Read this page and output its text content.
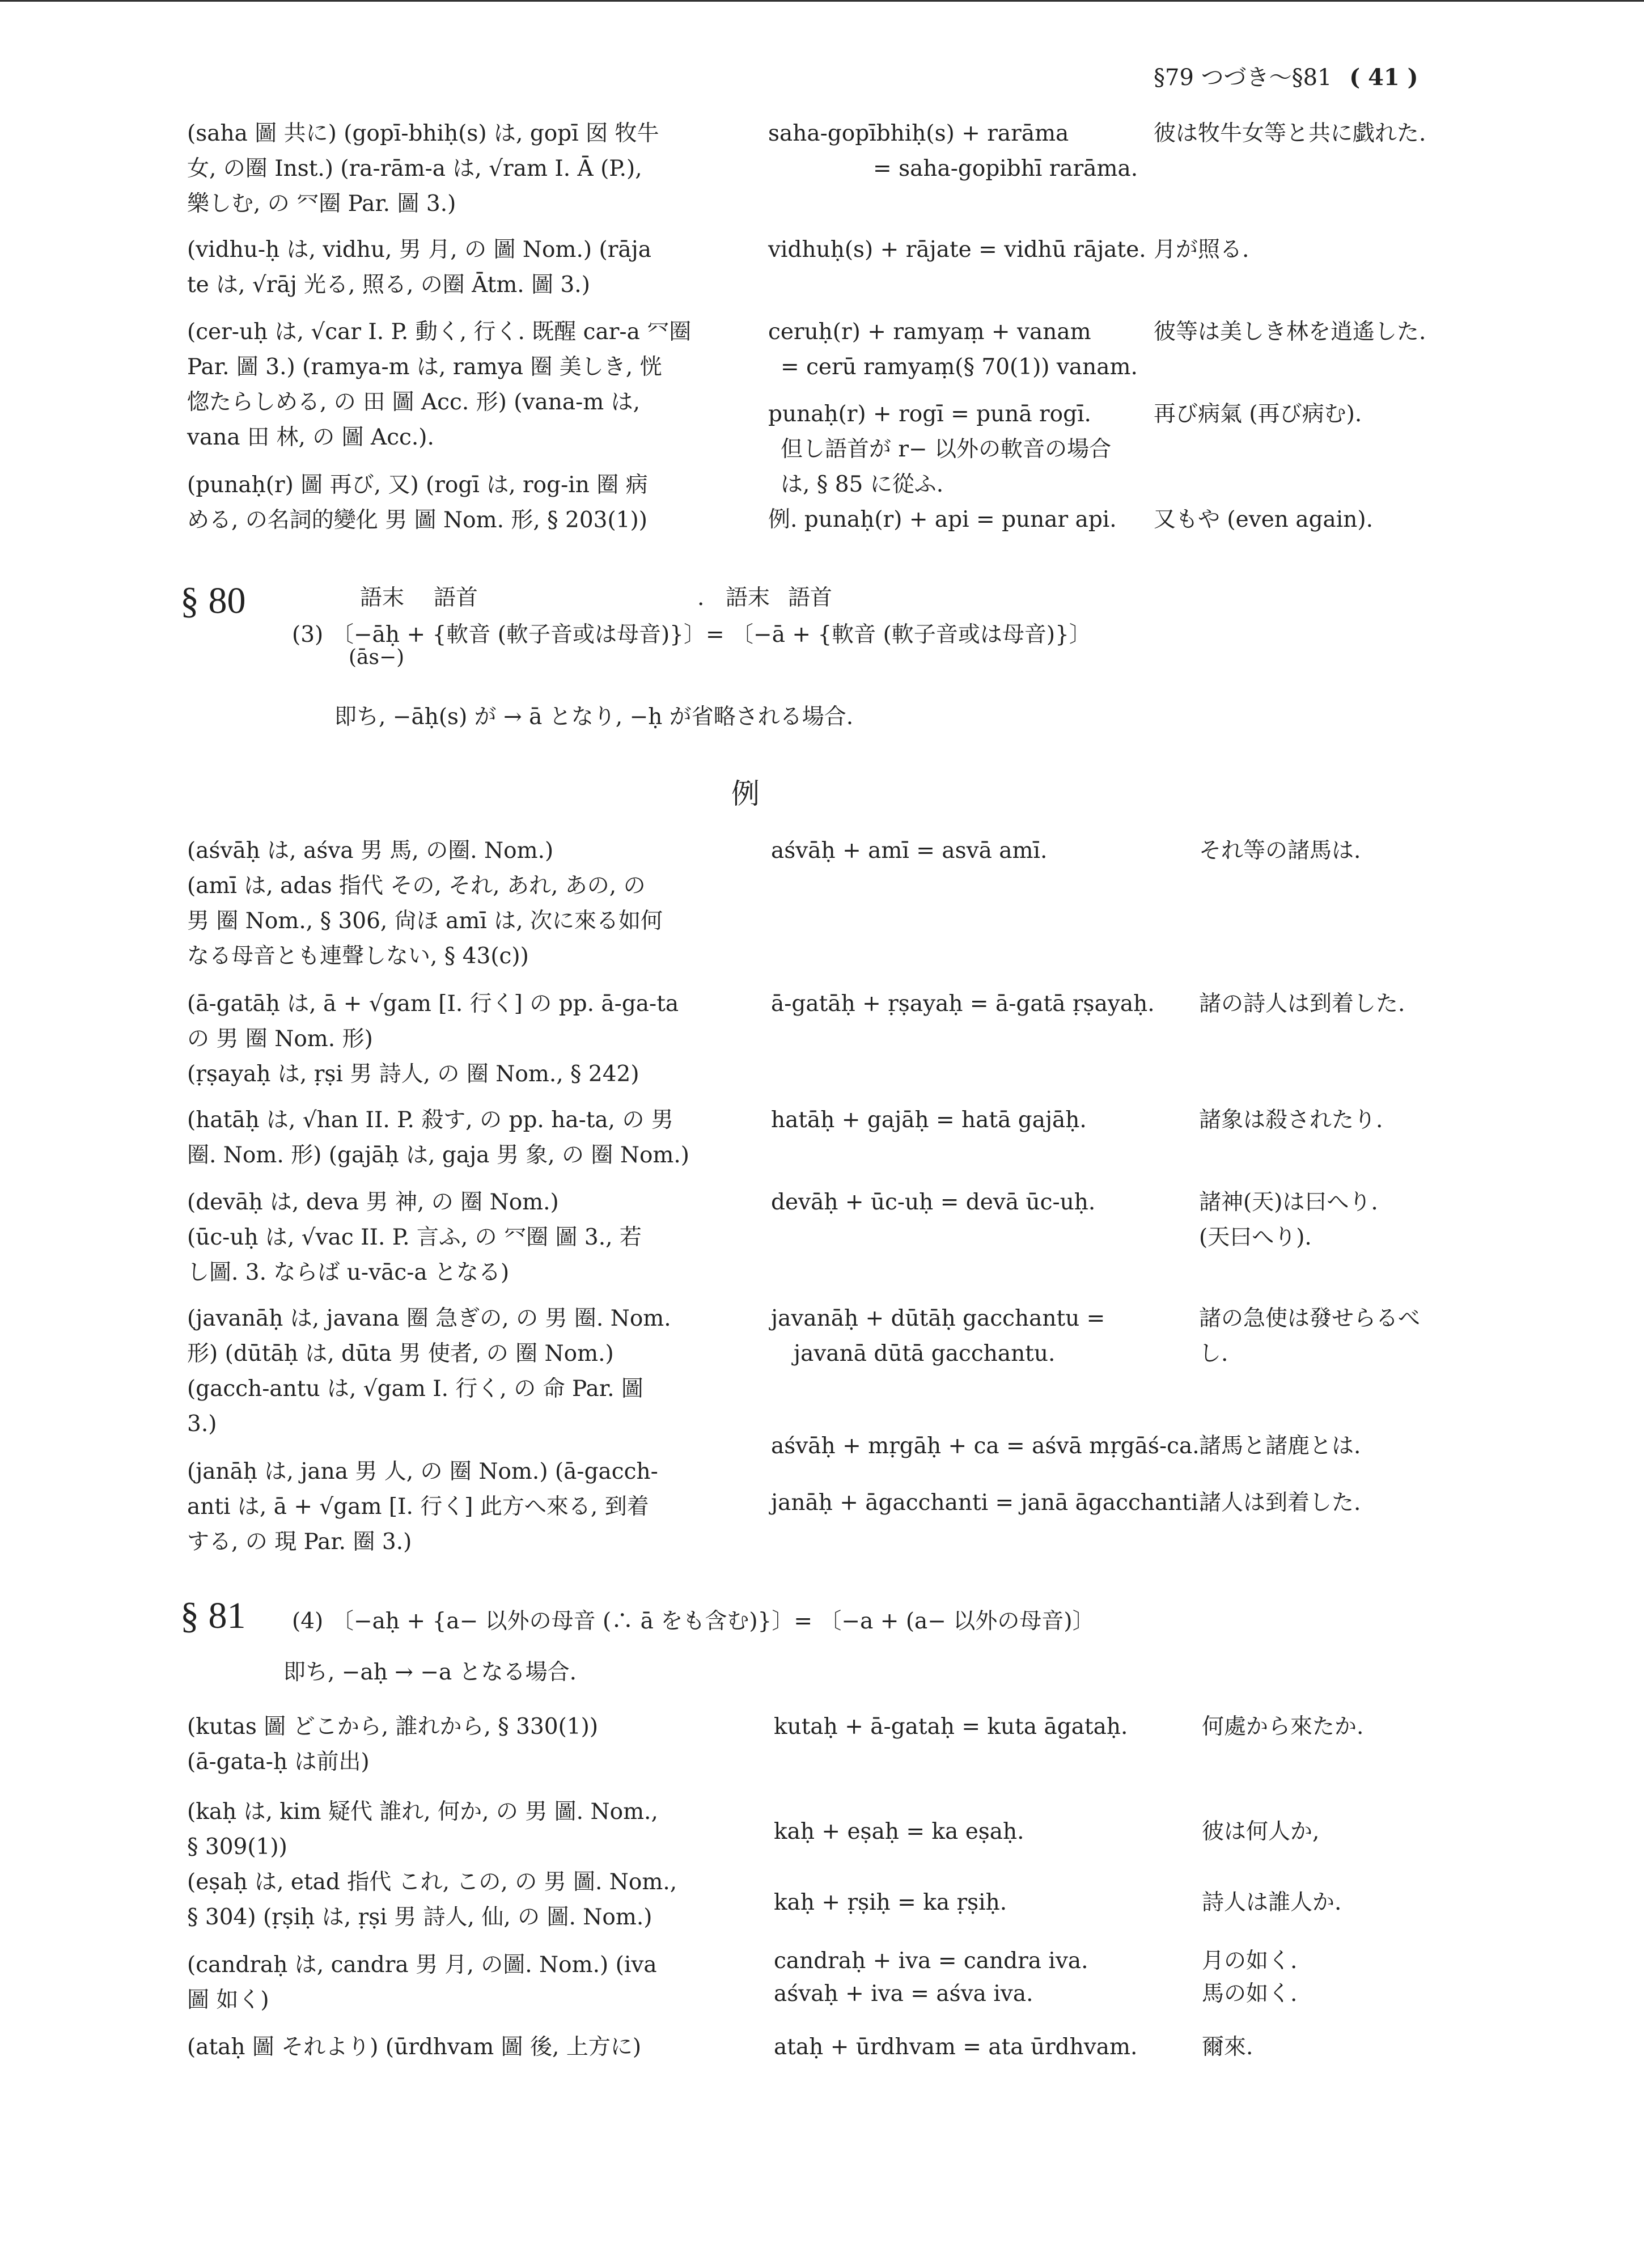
§79 つづき〜§81 ( 41 )
(saha 圖 共に) (gopī-bhiḥ(s) は, gopī 囡 牧牛
女, の圈 Inst.) (ra-rām-a は, √ram I. Ā (P.),
樂しむ, の 㓁圈 Par. 圖 3.)
(vidhu-ḥ は, vidhu, 男 月, の 圖 Nom.) (rāja
te は, √rāj 光る, 照る, の圈 Ātm. 圖 3.)
(cer-uḥ は, √car I. P. 動く, 行く. 既醒 car-a 㓁圈
Par. 圖 3.) (ramya-m は, ramya 圈 美しき, 恍
惚たらしめる, の 田 圖 Acc. 形) (vana-m は,
vana 田 林, の 圖 Acc.).
(punaḥ(r) 圖 再び, 又) (rogī は, rog-in 圈 病
める, の名詞的變化 男 圖 Nom. 形, § 203(1))
saha-gopībhiḥ(s) + rarāma
= saha-gopibhī rarāma.
vidhuḥ(s) + rājate = vidhū rājate.
ceruḥ(r) + ramyaṃ + vanam
= cerū ramyaṃ(§ 70(1)) vanam.
punaḥ(r) + rogī = punā rogī.
但し語首が r− 以外の軟音の場合
は, § 85 に從ふ.
例. punaḥ(r) + api = punar api.
彼は牧牛女等と共に戯れた.
月が照る.
彼等は美しき林を逍遙した.
再び病氣 (再び病む).
又もや (even again).
§ 80	語末 語首	. 語末 語首
(3) 〔−āḥ + {軟音 (軟子音或は母音)}〕= 〔−ā + {軟音 (軟子音或は母音)}〕
(ās−)
即ち, −āḥ(s) が → ā となり, −ḥ が省略される場合.
例
(aśvāḥ は, aśva 男 馬, の圈. Nom.)
(amī は, adas 指代 その, それ, あれ, あの, の
男 圈 Nom., § 306, 尙ほ amī は, 次に來る如何
なる母音とも連聲しない, § 43(c))
(ā-gatāḥ は, ā + √gam [I. 行く] の pp. ā-ga-ta
の 男 圈 Nom. 形)
(ṛṣayaḥ は, ṛṣi 男 詩人, の 圈 Nom., § 242)
(hatāḥ は, √han II. P. 殺す, の pp. ha-ta, の 男
圈. Nom. 形) (gajāḥ は, gaja 男 象, の 圈 Nom.)
(devāḥ は, deva 男 神, の 圈 Nom.)
(ūc-uḥ は, √vac II. P. 言ふ, の 㓁圈 圖 3., 若
し圖. 3. ならば u-vāc-a となる)
(javanāḥ は, javana 圈 急ぎの, の 男 圈. Nom.
形) (dūtāḥ は, dūta 男 使者, の 圈 Nom.)
(gacch-antu は, √gam I. 行く, の 命 Par. 圖
3.)
(janāḥ は, jana 男 人, の 圈 Nom.) (ā-gacch-
anti は, ā + √gam [I. 行く] 此方へ來る, 到着
する, の 現 Par. 圈 3.)
aśvāḥ + amī = asvā amī.
ā-gatāḥ + ṛṣayaḥ = ā-gatā ṛṣayaḥ.
hatāḥ + gajāḥ = hatā gajāḥ.
devāḥ + ūc-uḥ = devā ūc-uḥ.
javanāḥ + dūtāḥ gacchantu =
javanā dūtā gacchantu.
aśvāḥ + mṛgāḥ + ca = aśvā mṛgāś-ca.
janāḥ + āgacchanti = janā āgacchanti.
それ等の諸馬は.
諸の詩人は到着した.
諸象は殺されたり.
諸神(天)は曰へり.
(天曰へり).
諸の急使は發せらるべ
し.
諸馬と諸鹿とは.
諸人は到着した.
§ 81 (4) 〔−aḥ + {a− 以外の母音 (∴ ā をも含む)}〕= 〔−a + (a− 以外の母音)〕
即ち, −aḥ → −a となる場合.
(kutas 圖 どこから, 誰れから, § 330(1))
(ā-gata-ḥ は前出)
(kaḥ は, kim 疑代 誰れ, 何か, の 男 圖. Nom.,
§ 309(1))
(eṣaḥ は, etad 指代 これ, この, の 男 圖. Nom.,
§ 304) (ṛṣiḥ は, ṛṣi 男 詩人, 仙, の 圖. Nom.)
(candraḥ は, candra 男 月, の圖. Nom.) (iva
圖 如く)
(ataḥ 圖 それより) (ūrdhvam 圖 後, 上方に)
kutaḥ + ā-gataḥ = kuta āgataḥ.
kaḥ + eṣaḥ = ka eṣaḥ.
kaḥ + ṛṣiḥ = ka ṛṣiḥ.
candraḥ + iva = candra iva.
aśvaḥ + iva = aśva iva.
ataḥ + ūrdhvam = ata ūrdhvam.
何處から來たか.
彼は何人か,
詩人は誰人か.
月の如く.
馬の如く.
爾來.
